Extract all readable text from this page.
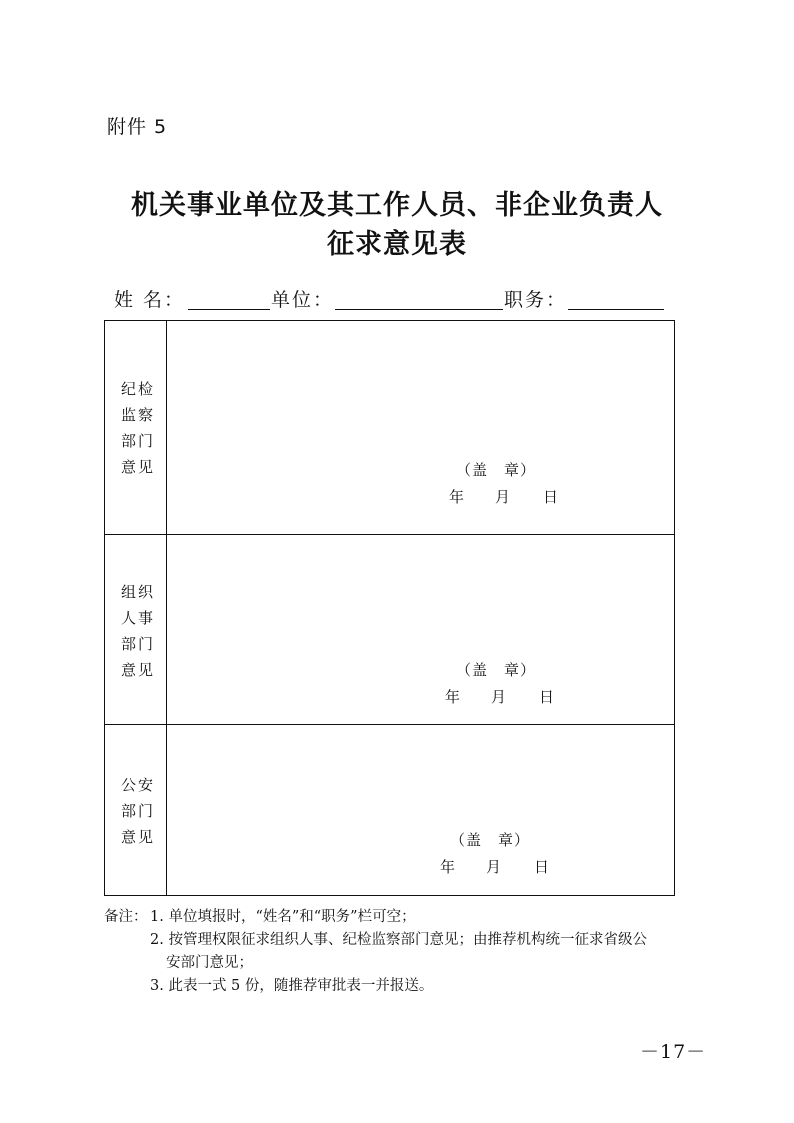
附件 5
机关事业单位及其工作人员、非企业负责人
征求意见表
姓 名：	单位：	职务：
纪检
监察
部门
意见	（盖　章）
年 月 日
组织
人事
部门
意见	（盖　章）
年 月 日
公安
部门
意见	（盖　章）
年 月 日
备注： 1. 单位填报时，“姓名”和“职务”栏可空；
2. 按管理权限征求组织人事、纪检监察部门意见；由推荐机构统一征求省级公
安部门意见；
3. 此表一式 5 份，随推荐审批表一并报送。
－17－
